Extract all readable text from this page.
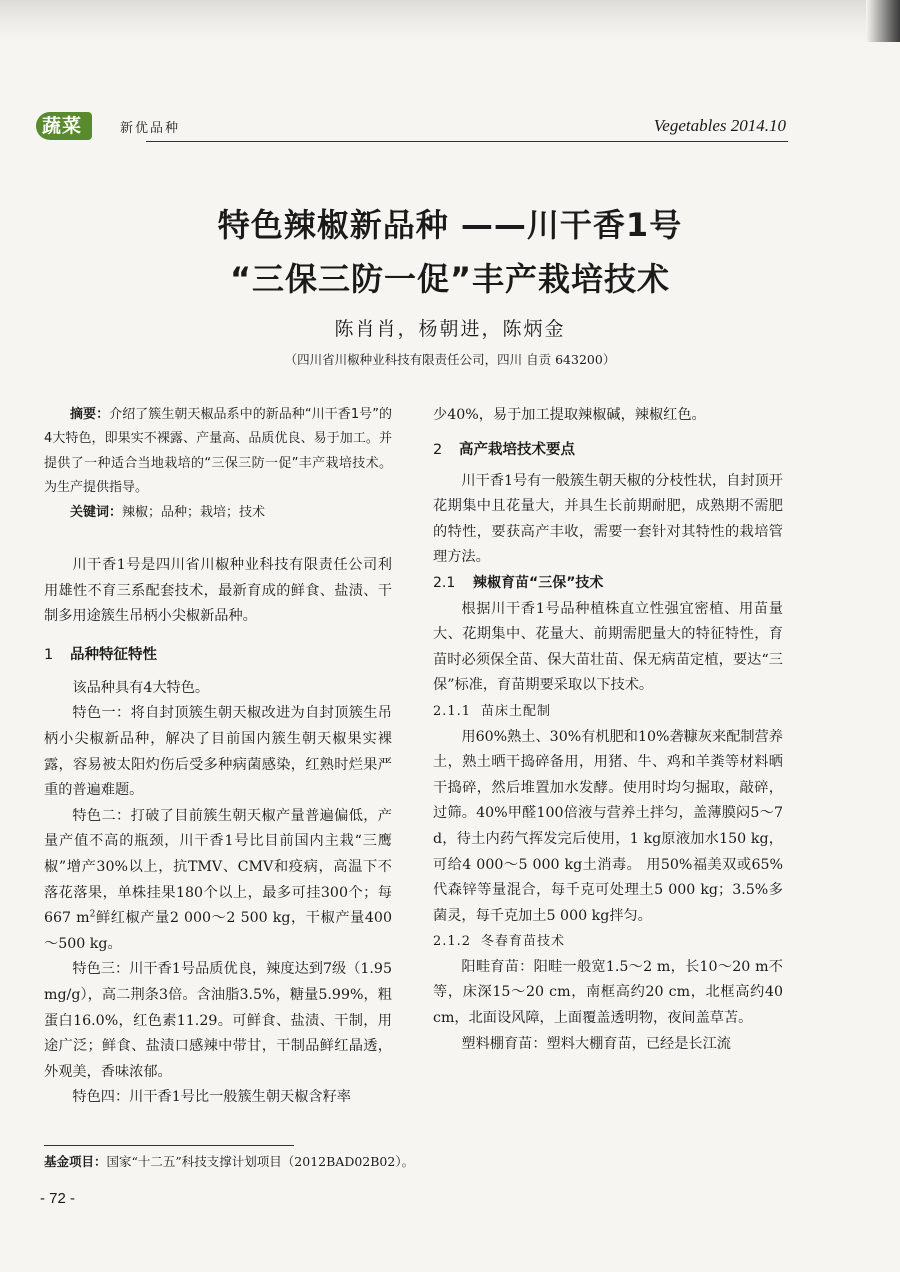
蔬菜	新优品种	Vegetables 2014.10
特色辣椒新品种 ——川干香1号
“三保三防一促”丰产栽培技术
陈肖肖，杨朝进，陈炳金
（四川省川椒种业科技有限责任公司，四川 自贡 643200）

摘要：介绍了簇生朝天椒品系中的新品种“川干香1号”的4大特色，即果实不裸露、产量高、品质优良、易于加工。并提供了一种适合当地栽培的“三保三防一促”丰产栽培技术。为生产提供指导。

关键词：辣椒；品种；栽培；技术

川干香1号是四川省川椒种业科技有限责任公司利用雄性不育三系配套技术，最新育成的鲜食、盐渍、干制多用途簇生吊柄小尖椒新品种。

1 品种特征特性

该品种具有4大特色。

特色一：将自封顶簇生朝天椒改进为自封顶簇生吊柄小尖椒新品种，解决了目前国内簇生朝天椒果实裸露，容易被太阳灼伤后受多种病菌感染，红熟时烂果严重的普遍难题。

特色二：打破了目前簇生朝天椒产量普遍偏低，产量产值不高的瓶颈，川干香1号比目前国内主栽“三鹰椒”增产30%以上，抗TMV、CMV和疫病，高温下不落花落果，单株挂果180个以上，最多可挂300个；每667 $m^2$鲜红椒产量2 000～2 500 kg，干椒产量400～500 kg。

特色三：川干香1号品质优良，辣度达到7级（1.95 mg/g），高二荆条3倍。含油脂3.5%，糖量5.99%，粗蛋白16.0%，红色素11.29。可鲜食、盐渍、干制，用途广泛；鲜食、盐渍口感辣中带甘，干制品鲜红晶透，外观美，香味浓郁。

特色四：川干香1号比一般簇生朝天椒含籽率

少40%，易于加工提取辣椒碱，辣椒红色。

2 高产栽培技术要点

川干香1号有一般簇生朝天椒的分枝性状，自封顶开花期集中且花量大，并具生长前期耐肥，成熟期不需肥的特性，要获高产丰收，需要一套针对其特性的栽培管理方法。

2.1 辣椒育苗“三保”技术

根据川干香1号品种植株直立性强宜密植、用苗量大、花期集中、花量大、前期需肥量大的特征特性，育苗时必须保全苗、保大苗壮苗、保无病苗定植，要达“三保”标准，育苗期要采取以下技术。

2.1.1 苗床土配制

用60%熟土、30%有机肥和10%砻糠灰来配制营养土，熟土晒干捣碎备用，用猪、牛、鸡和羊粪等材料晒干捣碎，然后堆置加水发酵。使用时均匀掘取，敲碎，过筛。40%甲醛100倍液与营养土拌匀，盖薄膜闷5～7 d，待土内药气挥发完后使用，1 kg原液加水150 kg，可给4 000～5 000 kg土消毒。 用50%福美双或65%代森锌等量混合，每千克可处理土5 000 kg；3.5%多菌灵，每千克加土5 000 kg拌匀。

2.1.2 冬春育苗技术

阳畦育苗：阳畦一般宽1.5～2 m，长10～20 m不等，床深15～20 cm，南框高约20 cm，北框高约40 cm，北面设风障，上面覆盖透明物，夜间盖草苫。

塑料棚育苗：塑料大棚育苗，已经是长江流

基金项目：国家“十二五”科技支撑计划项目（2012BAD02B02）。
- 72 -
